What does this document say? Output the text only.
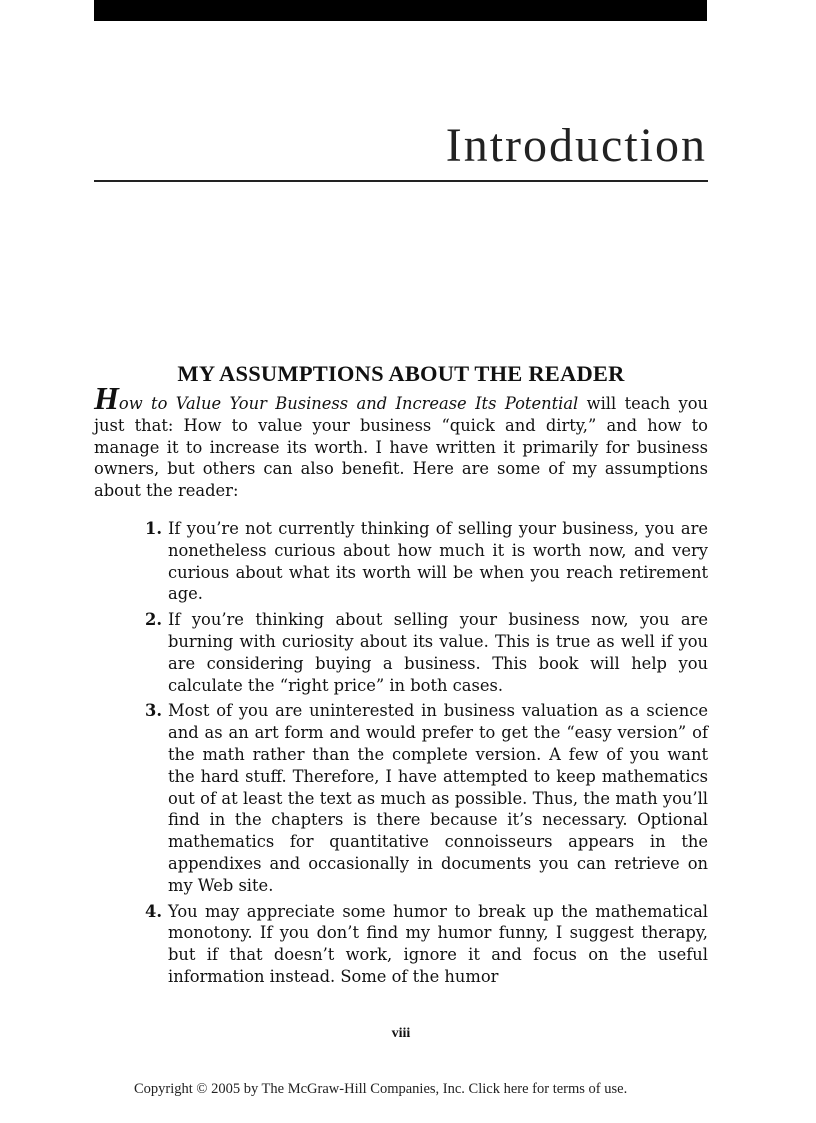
Introduction
MY ASSUMPTIONS ABOUT THE READER

How to Value Your Business and Increase Its Potential will teach you just that: How to value your business “quick and dirty,” and how to manage it to increase its worth. I have written it primarily for business owners, but others can also benefit. Here are some of my assumptions about the reader:

1. If you’re not currently thinking of selling your business, you are nonetheless curious about how much it is worth now, and very curious about what its worth will be when you reach retirement age.
2. If you’re thinking about selling your business now, you are burning with curiosity about its value. This is true as well if you are considering buying a business. This book will help you calculate the “right price” in both cases.
3. Most of you are uninterested in business valuation as a science and as an art form and would prefer to get the “easy version” of the math rather than the complete version. A few of you want the hard stuff. Therefore, I have attempted to keep mathematics out of at least the text as much as possible. Thus, the math you’ll find in the chapters is there because it’s necessary. Optional mathematics for quantitative connoisseurs appears in the appendixes and occasionally in documents you can retrieve on my Web site.
4. You may appreciate some humor to break up the mathematical monotony. If you don’t find my humor funny, I suggest therapy, but if that doesn’t work, ignore it and focus on the useful information instead. Some of the humor
viii
Copyright © 2005 by The McGraw-Hill Companies, Inc. Click here for terms of use.
